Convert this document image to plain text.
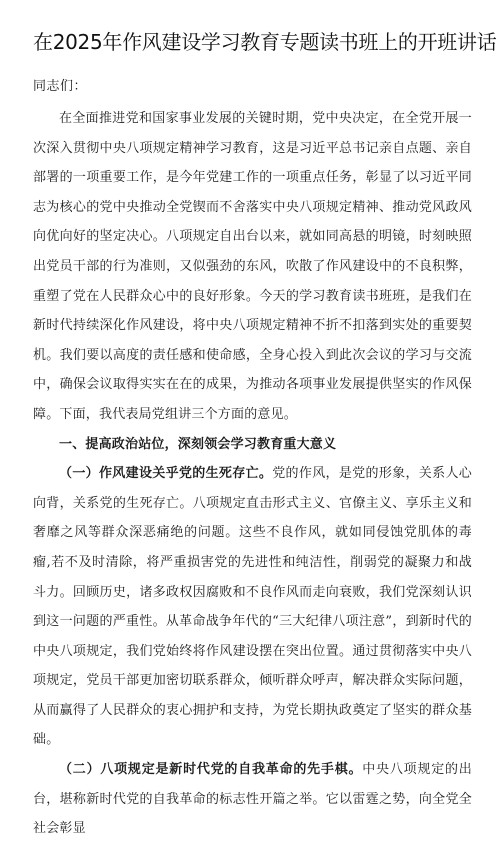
在2025年作风建设学习教育专题读书班上的开班讲话
同志们：

在全面推进党和国家事业发展的关键时期，党中央决定，在全党开展一次深入贯彻中央八项规定精神学习教育，这是习近平总书记亲自点题、亲自部署的一项重要工作，是今年党建工作的一项重点任务，彰显了以习近平同志为核心的党中央推动全党锲而不舍落实中央八项规定精神、推动党风政风向优向好的坚定决心。八项规定自出台以来，就如同高悬的明镜，时刻映照出党员干部的行为准则，又似强劲的东风，吹散了作风建设中的不良积弊，重塑了党在人民群众心中的良好形象。今天的学习教育读书班班，是我们在新时代持续深化作风建设，将中央八项规定精神不折不扣落到实处的重要契机。我们要以高度的责任感和使命感，全身心投入到此次会议的学习与交流中，确保会议取得实实在在的成果，为推动各项事业发展提供坚实的作风保障。下面，我代表局党组讲三个方面的意见。

一、提高政治站位，深刻领会学习教育重大意义

（一）作风建设关乎党的生死存亡。党的作风，是党的形象，关系人心向背，关系党的生死存亡。八项规定直击形式主义、官僚主义、享乐主义和奢靡之风等群众深恶痛绝的问题。这些不良作风，就如同侵蚀党肌体的毒瘤,若不及时清除，将严重损害党的先进性和纯洁性，削弱党的凝聚力和战斗力。回顾历史，诸多政权因腐败和不良作风而走向衰败，我们党深刻认识到这一问题的严重性。从革命战争年代的“三大纪律八项注意”，到新时代的中央八项规定，我们党始终将作风建设摆在突出位置。通过贯彻落实中央八项规定，党员干部更加密切联系群众，倾听群众呼声，解决群众实际问题，从而赢得了人民群众的衷心拥护和支持，为党长期执政奠定了坚实的群众基础。

（二）八项规定是新时代党的自我革命的先手棋。中央八项规定的出台，堪称新时代党的自我革命的标志性开篇之举。它以雷霆之势，向全党全社会彰显
